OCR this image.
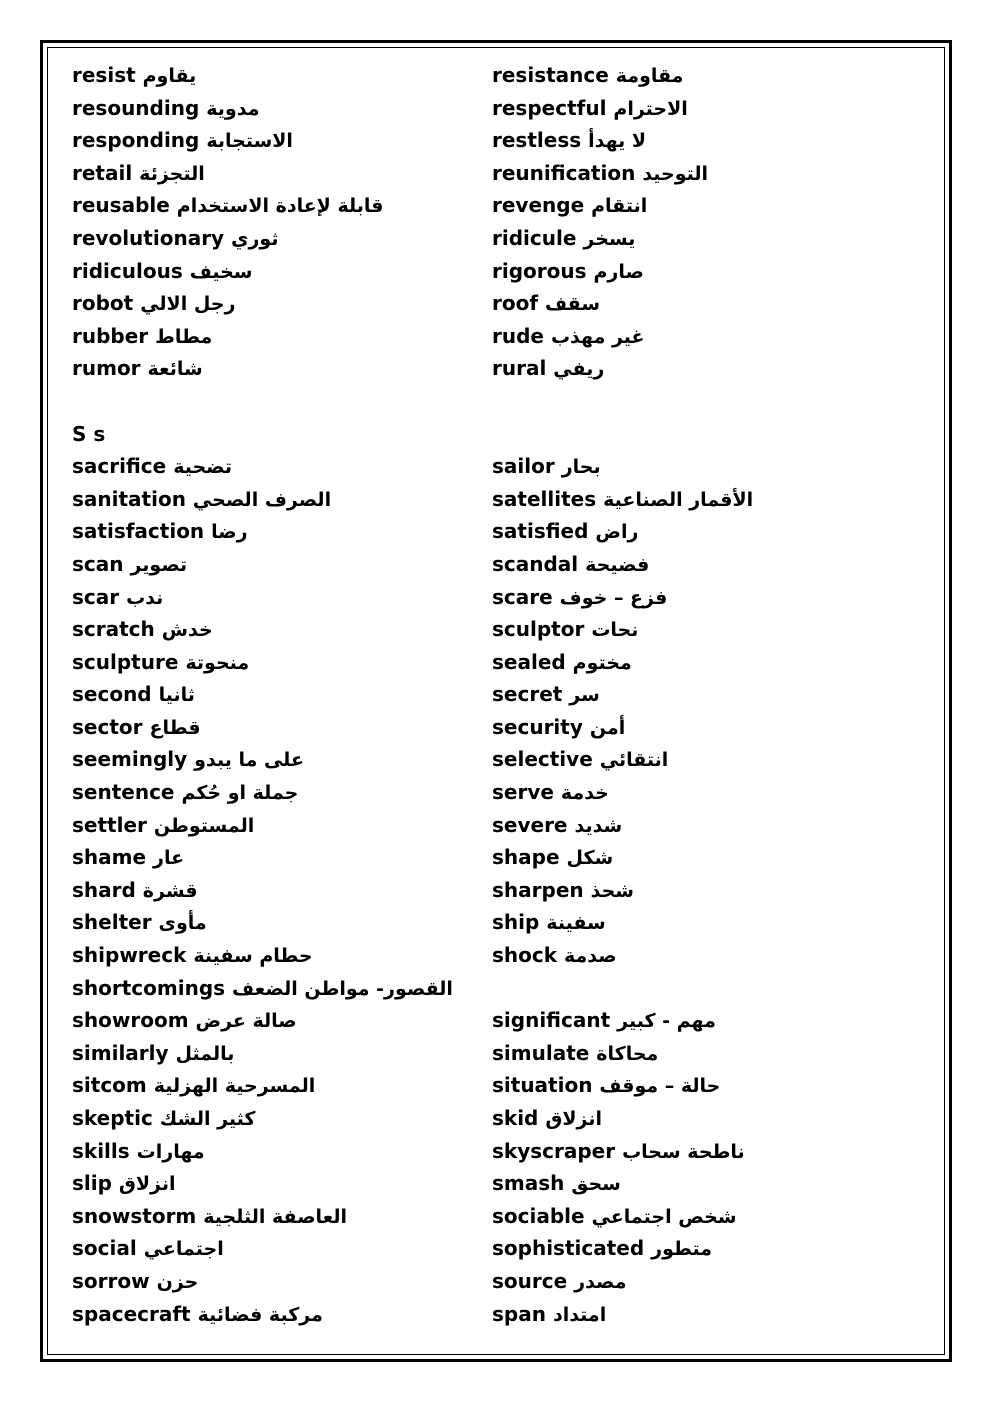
resist يقاوم	resistance مقاومة
resounding مدوية	respectful الاحترام
responding الاستجابة	restless لا يهدأ
retail التجزئة	reunification التوحيد
reusable قابلة لإعادة الاستخدام	revenge انتقام
revolutionary ثوري	ridicule يسخر
ridiculous سخيف	rigorous صارم
robot رجل الالي	roof سقف
rubber مطاط	rude غير مهذب
rumor شائعة	rural ريفي
S s
sacrifice تضحية	sailor بحار
sanitation الصرف الصحي	satellites الأقمار الصناعية
satisfaction رضا	satisfied راض
scan تصوير	scandal فضيحة
scar ندب	scare فزع – خوف
scratch خدش	sculptor نحات
sculpture منحوتة	sealed مختوم
second ثانيا	secret سر
sector قطاع	security أمن
seemingly على ما يبدو	selective انتقائي
sentence جملة او حُكم	serve خدمة
settler المستوطن	severe شديد
shame عار	shape شكل
shard قشرة	sharpen شحذ
shelter مأوى	ship سفينة
shipwreck حطام سفينة	shock صدمة
shortcomings القصور- مواطن الضعف
showroom صالة عرض	significant مهم - كبير
similarly بالمثل	simulate محاكاة
sitcom المسرحية الهزلية	situation حالة – موقف
skeptic كثير الشك	skid انزلاق
skills مهارات	skyscraper ناطحة سحاب
slip انزلاق	smash سحق
snowstorm العاصفة الثلجية	sociable شخص اجتماعي
social اجتماعي	sophisticated متطور
sorrow حزن	source مصدر
spacecraft مركبة فضائية	span امتداد
